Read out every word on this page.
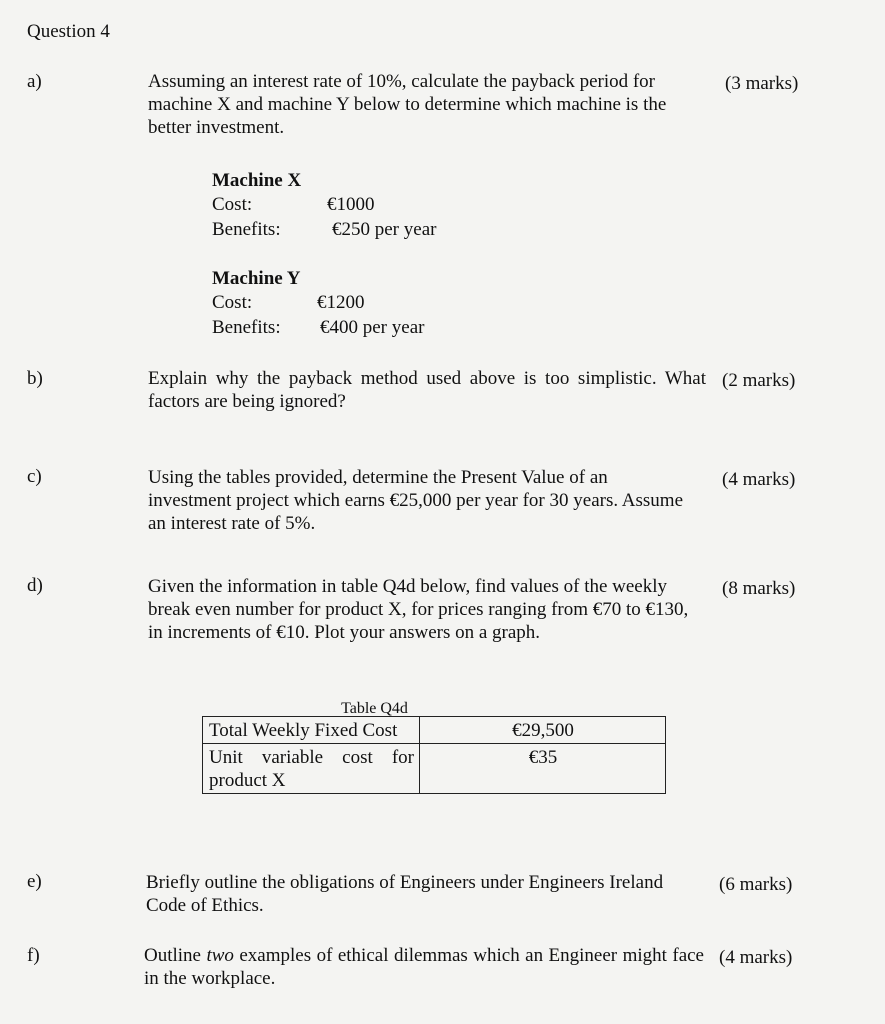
Question 4
a)	Assuming an interest rate of 10%, calculate the payback period for machine X and machine Y below to determine which machine is the better investment.
(3 marks)
Machine X
Cost:	€1000
Benefits:	€250 per year
Machine Y
Cost:	€1200
Benefits:	€400 per year
b)	Explain why the payback method used above is too simplistic. What factors are being ignored?
(2 marks)
c)	Using the tables provided, determine the Present Value of an investment project which earns €25,000 per year for 30 years. Assume an interest rate of 5%.
(4 marks)
d)	Given the information in table Q4d below, find values of the weekly break even number for product X, for prices ranging from €70 to €130, in increments of €10. Plot your answers on a graph.
(8 marks)
Table Q4d
Total Weekly Fixed Cost	€29,500
Unit variable cost for product X	€35
e)	Briefly outline the obligations of Engineers under Engineers Ireland Code of Ethics.
(6 marks)
f)	Outline two examples of ethical dilemmas which an Engineer might face in the workplace.
(4 marks)
